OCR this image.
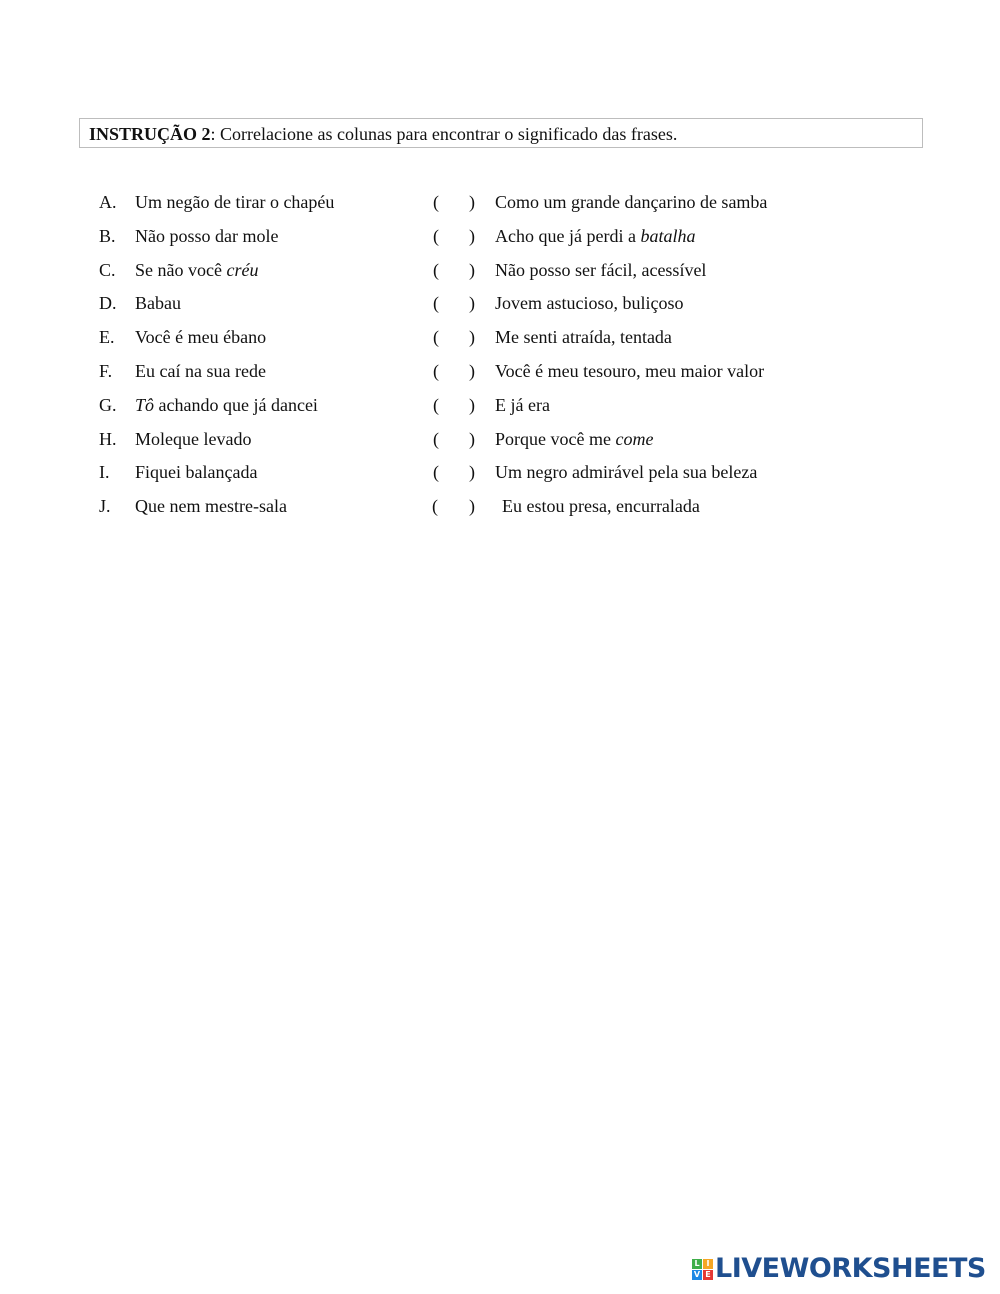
INSTRUÇÃO 2: Correlacione as colunas para encontrar o significado das frases.
A. Um negão de tirar o chapéu	( ) Como um grande dançarino de samba
B. Não posso dar mole	( ) Acho que já perdi a batalha
C. Se não você créu	( ) Não posso ser fácil, acessível
D. Babau	( ) Jovem astucioso, buliçoso
E. Você é meu ébano	( ) Me senti atraída, tentada
F. Eu caí na sua rede	( ) Você é meu tesouro, meu maior valor
G. Tô achando que já dancei	( ) E já era
H. Moleque levado	( ) Porque você me come
I. Fiquei balançada	( ) Um negro admirável pela sua beleza
J. Que nem mestre-sala	( ) Eu estou presa, encurralada
L I
V E LIVEWORKSHEETS
